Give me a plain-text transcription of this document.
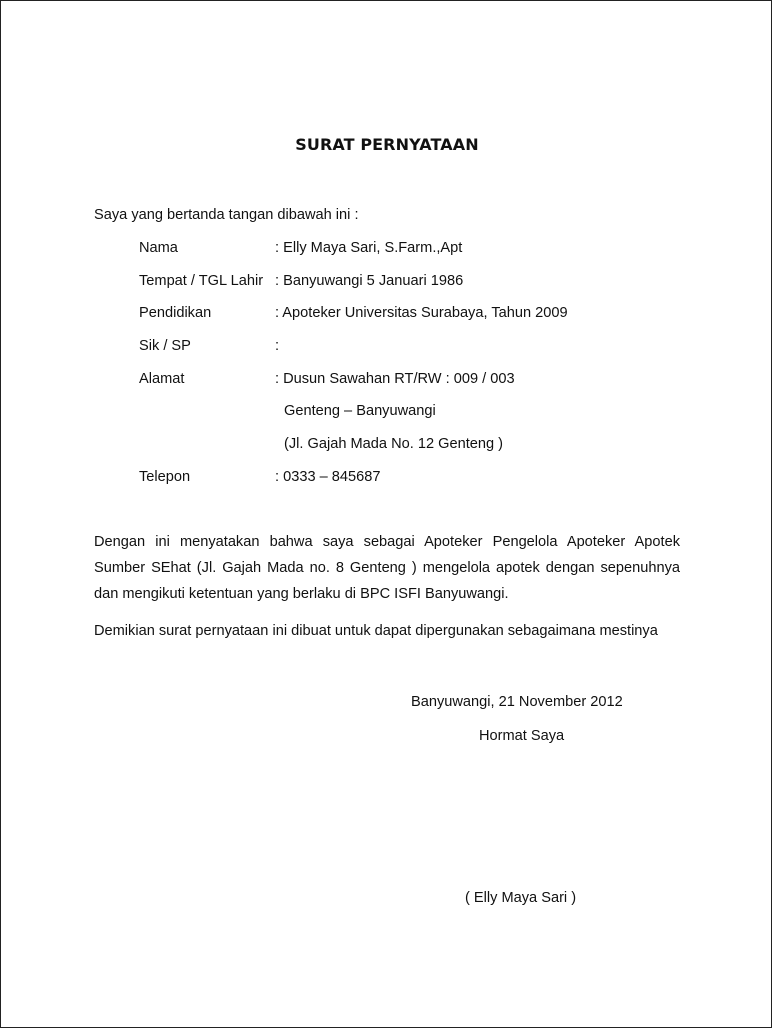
SURAT PERNYATAAN
Saya yang bertanda tangan dibawah ini :
Nama	: Elly Maya Sari, S.Farm.,Apt
Tempat / TGL Lahir : Banyuwangi 5 Januari 1986
Pendidikan	: Apoteker Universitas Surabaya, Tahun 2009
Sik / SP	:
Alamat	: Dusun Sawahan RT/RW : 009 / 003
Genteng – Banyuwangi
(Jl. Gajah Mada No. 12 Genteng )
Telepon	: 0333 – 845687
Dengan ini menyatakan bahwa saya sebagai Apoteker Pengelola Apoteker Apotek
Sumber SEhat (Jl. Gajah Mada no. 8 Genteng ) mengelola apotek dengan sepenuhnya
dan mengikuti ketentuan yang berlaku di BPC ISFI Banyuwangi.
Demikian surat pernyataan ini dibuat untuk dapat dipergunakan sebagaimana mestinya
Banyuwangi, 21 November 2012
Hormat Saya
( Elly Maya Sari )
